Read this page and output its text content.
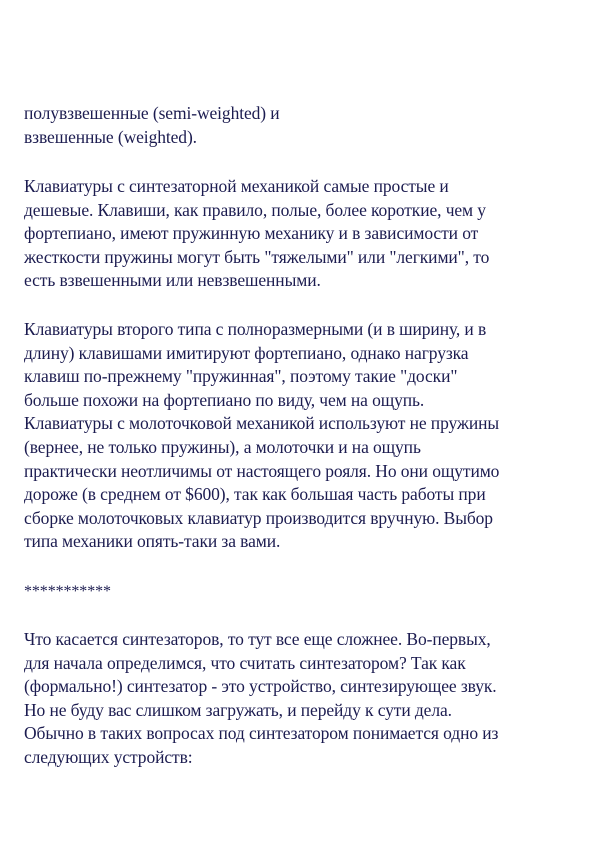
полувзвешенные (semi-weighted) и
взвешенные (weighted).
Клавиатуры с синтезаторной механикой самые простые и
дешевые. Клавиши, как правило, полые, более короткие, чем у
фортепиано, имеют пружинную механику и в зависимости от
жесткости пружины могут быть "тяжелыми" или "легкими", то
есть взвешенными или невзвешенными.
Клавиатуры второго типа с полноразмерными (и в ширину, и в
длину) клавишами имитируют фортепиано, однако нагрузка
клавиш по-прежнему "пружинная", поэтому такие "доски"
больше похожи на фортепиано по виду, чем на ощупь.
Клавиатуры с молоточковой механикой используют не пружины
(вернее, не только пружины), а молоточки и на ощупь
практически неотличимы от настоящего рояля. Но они ощутимо
дороже (в среднем от $600), так как большая часть работы при
сборке молоточковых клавиатур производится вручную. Выбор
типа механики опять-таки за вами.
***********
Что касается синтезаторов, то тут все еще сложнее. Во-первых,
для начала определимся, что считать синтезатором? Так как
(формально!) синтезатор - это устройство, синтезирующее звук.
Но не буду вас слишком загружать, и перейду к сути дела.
Обычно в таких вопросах под синтезатором понимается одно из
следующих устройств:
